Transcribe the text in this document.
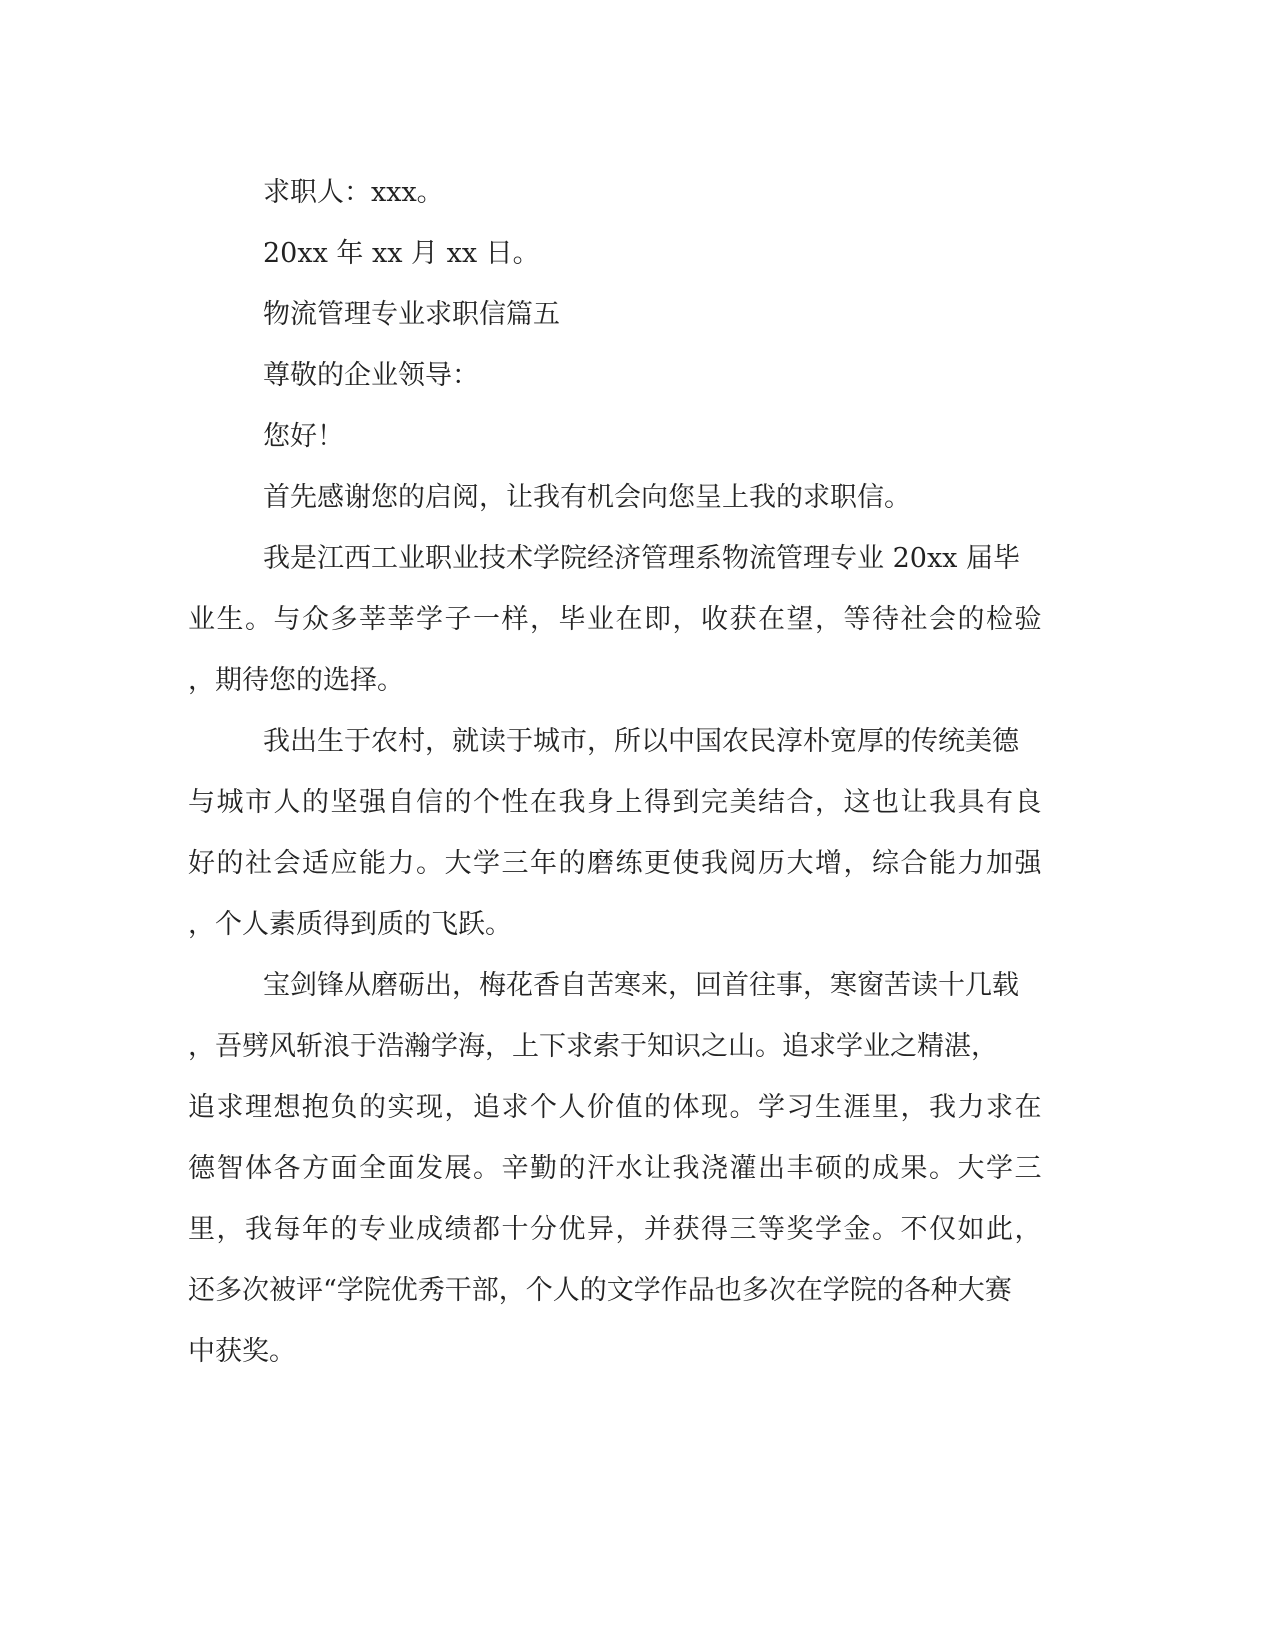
求职人：xxx。
20xx 年 xx 月 xx 日。
物流管理专业求职信篇五
尊敬的企业领导：
您好！
首先感谢您的启阅，让我有机会向您呈上我的求职信。
我是江西工业职业技术学院经济管理系物流管理专业 20xx 届毕
业生。与众多莘莘学子一样，毕业在即，收获在望，等待社会的检验
，期待您的选择。
我出生于农村，就读于城市，所以中国农民淳朴宽厚的传统美德
与城市人的坚强自信的个性在我身上得到完美结合，这也让我具有良
好的社会适应能力。大学三年的磨练更使我阅历大增，综合能力加强
，个人素质得到质的飞跃。
宝剑锋从磨砺出，梅花香自苦寒来，回首往事，寒窗苦读十几载
，吾劈风斩浪于浩瀚学海，上下求索于知识之山。追求学业之精湛，
追求理想抱负的实现，追求个人价值的体现。学习生涯里，我力求在
德智体各方面全面发展。辛勤的汗水让我浇灌出丰硕的成果。大学三
里，我每年的专业成绩都十分优异，并获得三等奖学金。不仅如此，
还多次被评“学院优秀干部，个人的文学作品也多次在学院的各种大赛
中获奖。
